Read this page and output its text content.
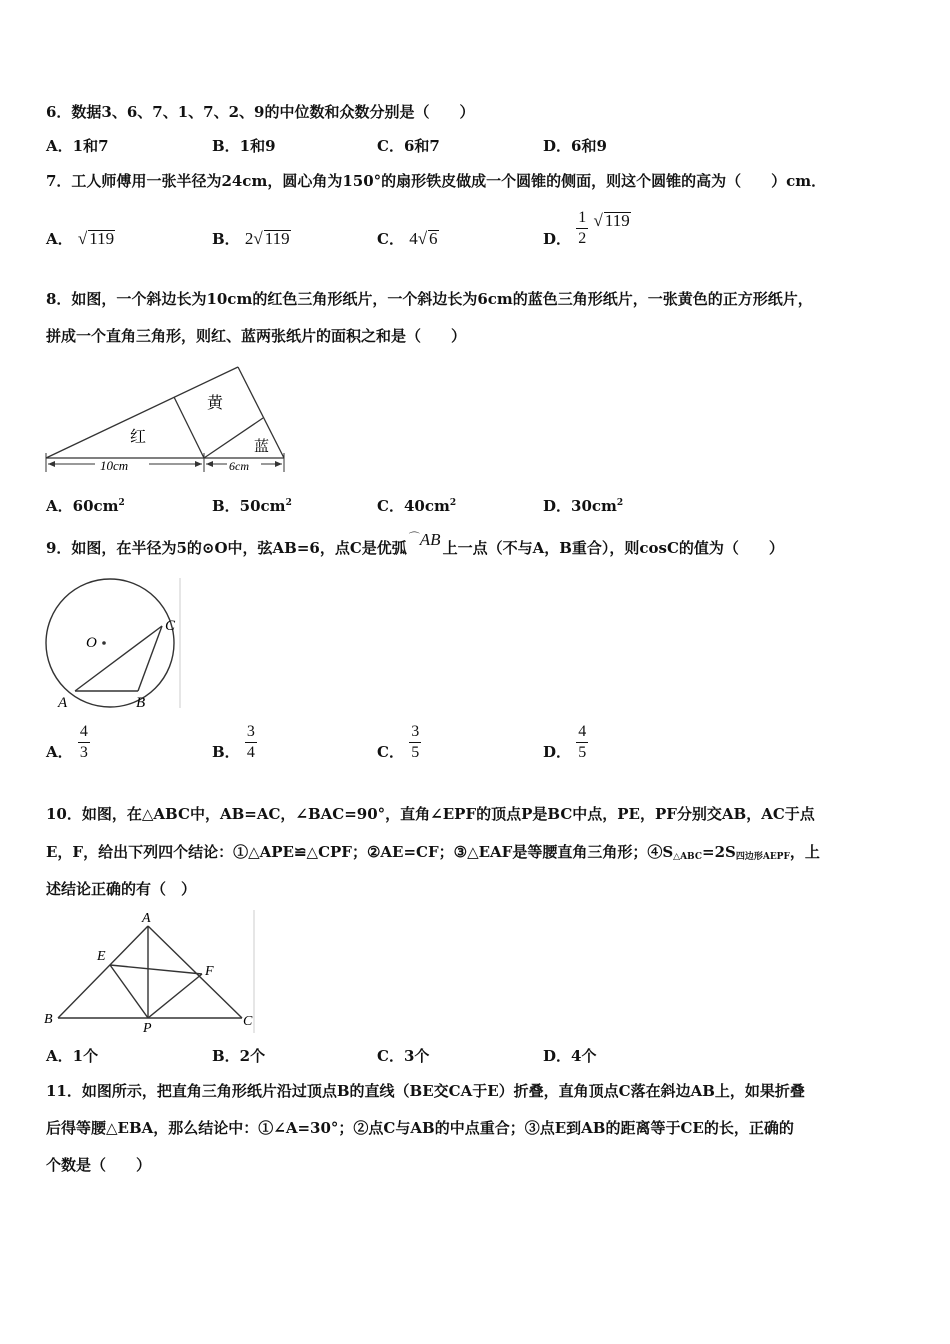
6．数据3、6、7、1、7、2、9的中位数和众数分别是（　　）
A．1和7	B．1和9	C．6和7	D．6和9
7．工人师傅用一张半径为24cm，圆心角为150°的扇形铁皮做成一个圆锥的侧面，则这个圆锥的高为（　　）cm．
A． √ 119	B． 2√ 119	C． 4√ 6	D． $\frac{1}{2}$ √ 119
8．如图，一个斜边长为10cm的红色三角形纸片，一个斜边长为6cm的蓝色三角形纸片，一张黄色的正方形纸片，
拼成一个直角三角形，则红、蓝两张纸片的面积之和是（　　）
黄
红
蓝
10cm	6cm
A．$60cm^2$	B．$50cm^2$	C．$40cm^2$	D．$30cm^2$
9．如图，在半径为5的⊙O中，弦AB=6，点C是优弧⌒AB 上一点（不与A，B重合），则cosC的值为（　　）
O
A	B
C
A． $\frac{4}{3}$	B． $\frac{3}{4}$	C． $\frac{3}{5}$	D． $\frac{4}{5}$
10．如图，在△ABC中，AB=AC，∠BAC=90°，直角∠EPF的顶点P是BC中点，PE，PF分别交AB，AC于点
E，F，给出下列四个结论：①△APE≌△CPF；②AE=CF；③△EAF是等腰直角三角形；$④S_{\triangle ABC}=2S_{四边形AEPF}$，上
述结论正确的有（　）
A
B	C
E
F
P
A．1个	B．2个	C．3个	D．4个
11．如图所示，把直角三角形纸片沿过顶点B的直线（BE交CA于E）折叠，直角顶点C落在斜边AB上，如果折叠
后得等腰△EBA，那么结论中：①∠A=30°；②点C与AB的中点重合；③点E到AB的距离等于CE的长，正确的
个数是（　　）
